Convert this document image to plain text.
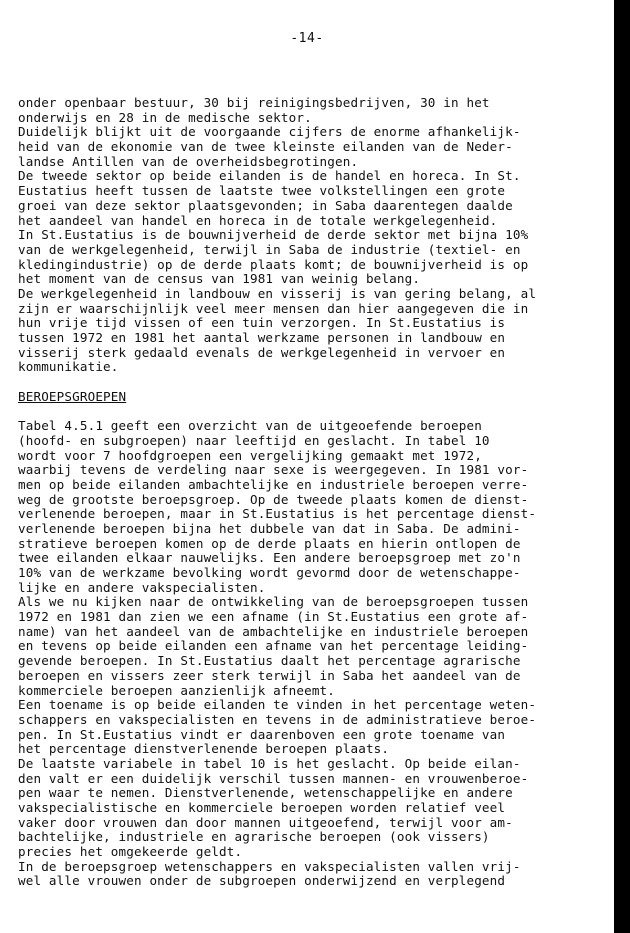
-14-
onder openbaar bestuur, 30 bij reinigingsbedrijven, 30 in het
onderwijs en 28 in de medische sektor.
Duidelijk blijkt uit de voorgaande cijfers de enorme afhankelijk-
heid van de ekonomie van de twee kleinste eilanden van de Neder-
landse Antillen van de overheidsbegrotingen.
De tweede sektor op beide eilanden is de handel en horeca. In St.
Eustatius heeft tussen de laatste twee volkstellingen een grote
groei van deze sektor plaatsgevonden; in Saba daarentegen daalde
het aandeel van handel en horeca in de totale werkgelegenheid.
In St.Eustatius is de bouwnijverheid de derde sektor met bijna 10%
van de werkgelegenheid, terwijl in Saba de industrie (textiel- en
kledingindustrie) op de derde plaats komt; de bouwnijverheid is op
het moment van de census van 1981 van weinig belang.
De werkgelegenheid in landbouw en visserij is van gering belang, al
zijn er waarschijnlijk veel meer mensen dan hier aangegeven die in
hun vrije tijd vissen of een tuin verzorgen. In St.Eustatius is
tussen 1972 en 1981 het aantal werkzame personen in landbouw en
visserij sterk gedaald evenals de werkgelegenheid in vervoer en
kommunikatie.
BEROEPSGROEPEN
Tabel 4.5.1 geeft een overzicht van de uitgeoefende beroepen
(hoofd- en subgroepen) naar leeftijd en geslacht. In tabel 10
wordt voor 7 hoofdgroepen een vergelijking gemaakt met 1972,
waarbij tevens de verdeling naar sexe is weergegeven. In 1981 vor-
men op beide eilanden ambachtelijke en industriele beroepen verre-
weg de grootste beroepsgroep. Op de tweede plaats komen de dienst-
verlenende beroepen, maar in St.Eustatius is het percentage dienst-
verlenende beroepen bijna het dubbele van dat in Saba. De admini-
stratieve beroepen komen op de derde plaats en hierin ontlopen de
twee eilanden elkaar nauwelijks. Een andere beroepsgroep met zo'n
10% van de werkzame bevolking wordt gevormd door de wetenschappe-
lijke en andere vakspecialisten.
Als we nu kijken naar de ontwikkeling van de beroepsgroepen tussen
1972 en 1981 dan zien we een afname (in St.Eustatius een grote af-
name) van het aandeel van de ambachtelijke en industriele beroepen
en tevens op beide eilanden een afname van het percentage leiding-
gevende beroepen. In St.Eustatius daalt het percentage agrarische
beroepen en vissers zeer sterk terwijl in Saba het aandeel van de
kommerciele beroepen aanzienlijk afneemt.
Een toename is op beide eilanden te vinden in het percentage weten-
schappers en vakspecialisten en tevens in de administratieve beroe-
pen. In St.Eustatius vindt er daarenboven een grote toename van
het percentage dienstverlenende beroepen plaats.
De laatste variabele in tabel 10 is het geslacht. Op beide eilan-
den valt er een duidelijk verschil tussen mannen- en vrouwenberoe-
pen waar te nemen. Dienstverlenende, wetenschappelijke en andere
vakspecialistische en kommerciele beroepen worden relatief veel
vaker door vrouwen dan door mannen uitgeoefend, terwijl voor am-
bachtelijke, industriele en agrarische beroepen (ook vissers)
precies het omgekeerde geldt.
In de beroepsgroep wetenschappers en vakspecialisten vallen vrij-
wel alle vrouwen onder de subgroepen onderwijzend en verplegend
